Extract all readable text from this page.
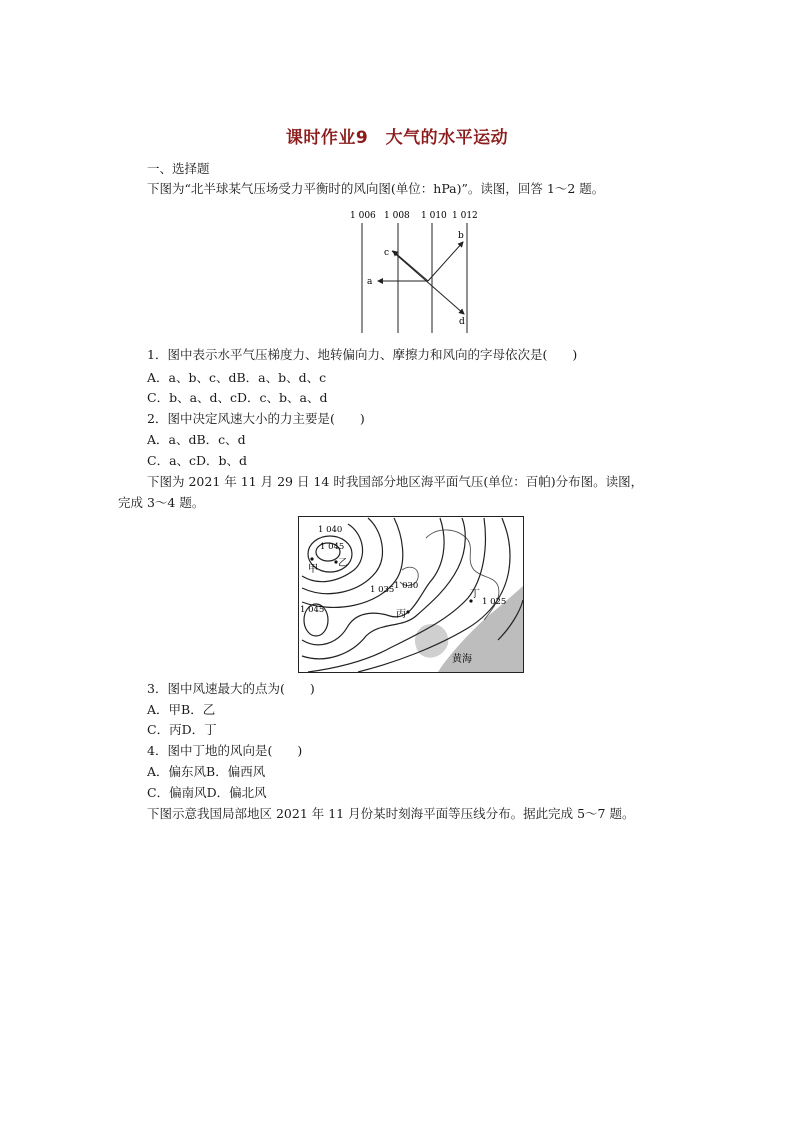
课时作业9　大气的水平运动
一、选择题
下图为“北半球某气压场受力平衡时的风向图(单位：hPa)”。读图，回答 1～2 题。
1 006 1 008 1 010 1 012
a
b
c
d
1．图中表示水平气压梯度力、地转偏向力、摩擦力和风向的字母依次是(　　)
A．a、b、c、dB．a、b、d、c
C．b、a、d、cD．c、b、a、d
2．图中决定风速大小的力主要是(　　)
A．a、dB．c、d
C．a、cD．b、d
下图为 2021 年 11 月 29 日 14 时我国部分地区海平面气压(单位：百帕)分布图。读图，
完成 3～4 题。
1 040
1 045
甲
乙
1 035 1 030
1 045	丙
丁
1 025
黄海
3．图中风速最大的点为(　　)
A．甲B．乙
C．丙D．丁
4．图中丁地的风向是(　　)
A．偏东风B．偏西风
C．偏南风D．偏北风
下图示意我国局部地区 2021 年 11 月份某时刻海平面等压线分布。据此完成 5～7 题。
